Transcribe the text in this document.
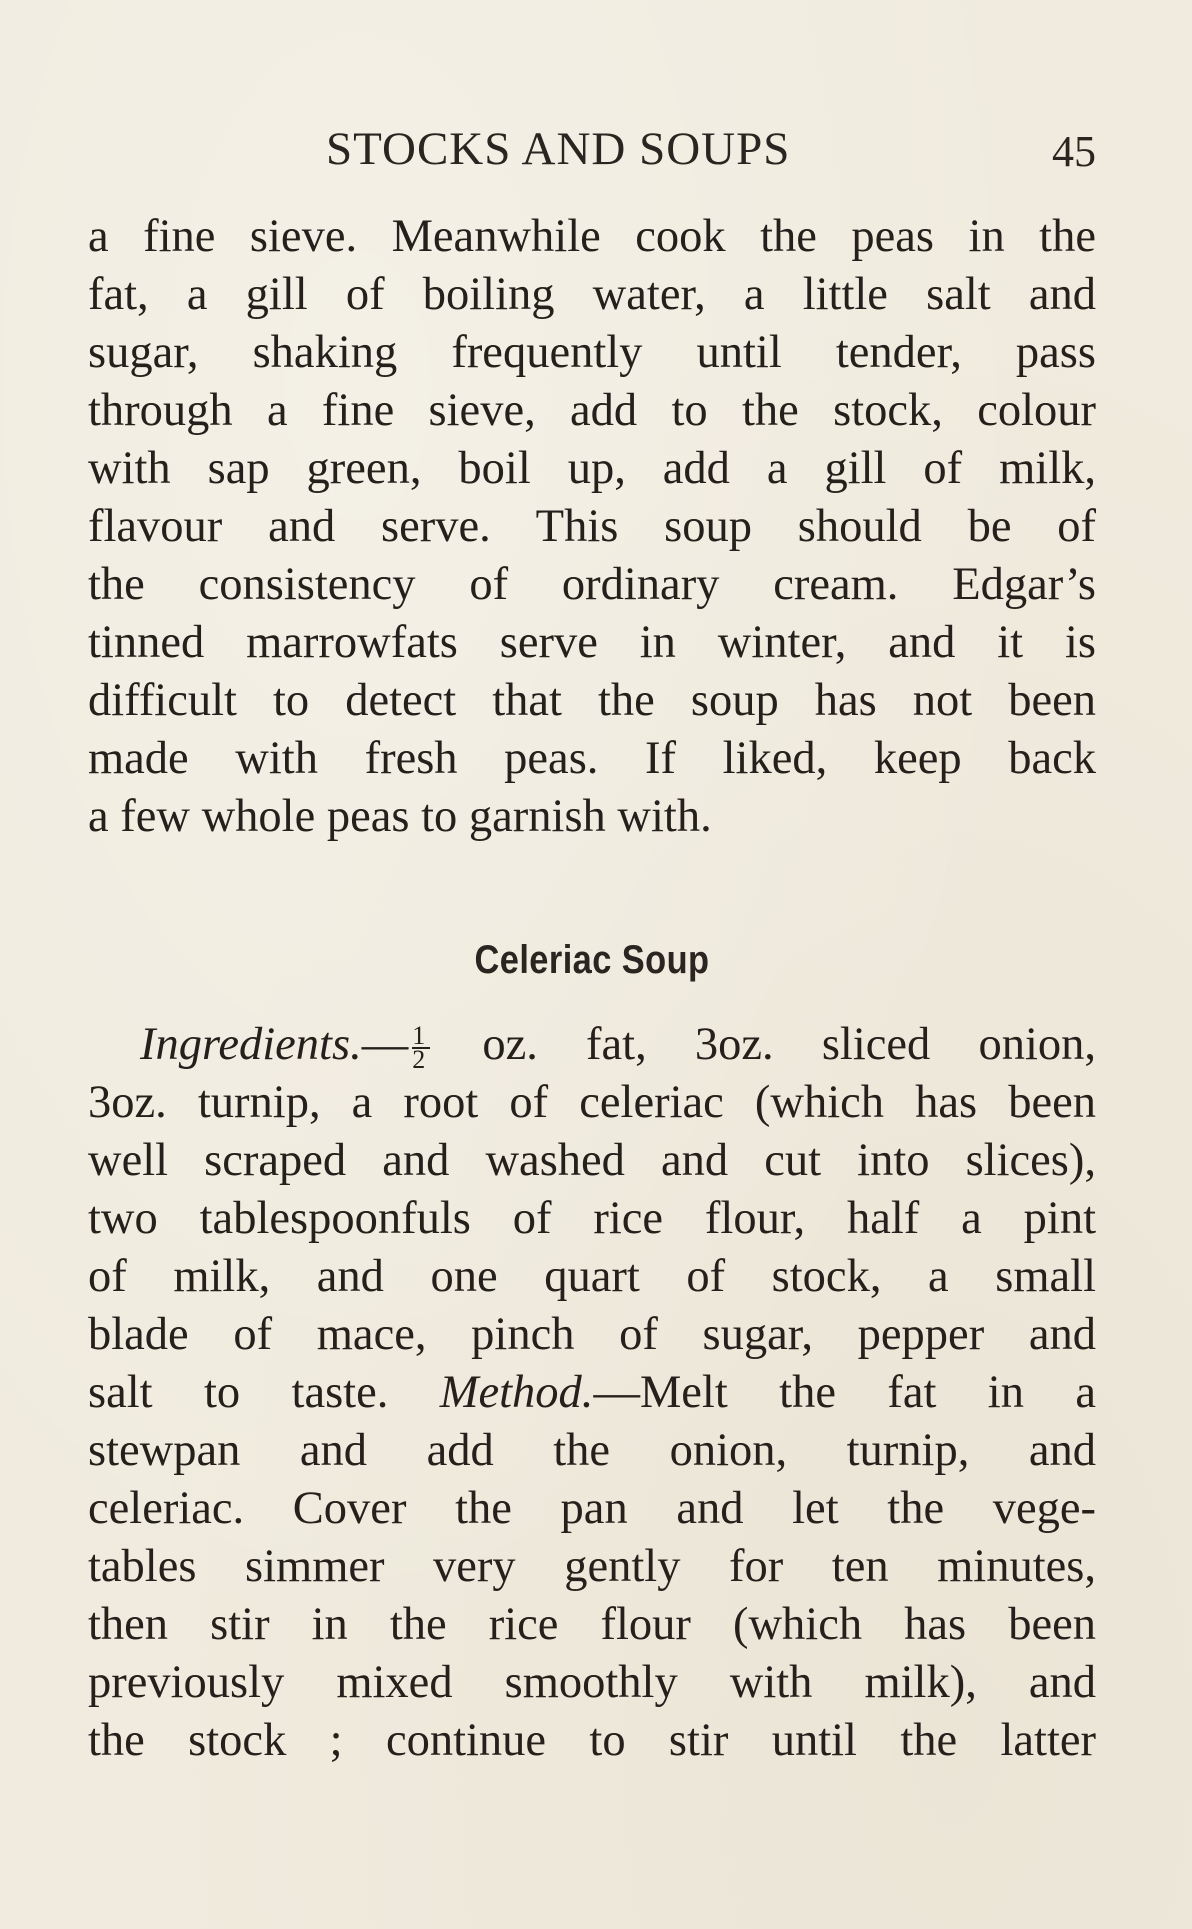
STOCKS AND SOUPS	45
a fine sieve. Meanwhile cook the peas in the
fat, a gill of boiling water, a little salt and
sugar, shaking frequently until tender, pass
through a fine sieve, add to the stock, colour
with sap green, boil up, add a gill of milk,
flavour and serve. This soup should be of
the consistency of ordinary cream. Edgar’s
tinned marrowfats serve in winter, and it is
difficult to detect that the soup has not been
made with fresh peas. If liked, keep back
a few whole peas to garnish with.
Celeriac Soup
Ingredients.— $\frac{1}{2}$ oz. fat, 3oz. sliced onion,
3oz. turnip, a root of celeriac (which has been
well scraped and washed and cut into slices),
two tablespoonfuls of rice flour, half a pint
of milk, and one quart of stock, a small
blade of mace, pinch of sugar, pepper and
salt to taste. Method.—Melt the fat in a
stewpan and add the onion, turnip, and
celeriac. Cover the pan and let the vege-
tables simmer very gently for ten minutes,
then stir in the rice flour (which has been
previously mixed smoothly with milk), and
the stock ; continue to stir until the latter
